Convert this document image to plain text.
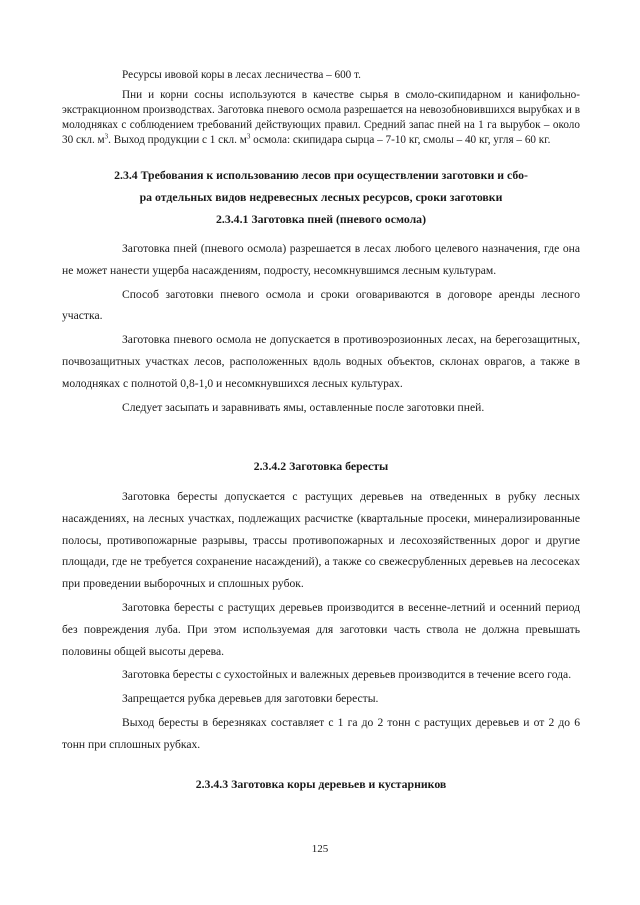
Ресурсы ивовой коры в лесах лесничества – 600 т.

Пни и корни сосны используются в качестве сырья в смоло-скипидарном и канифольно-экстракционном производствах. Заготовка пневого осмола разрешается на невозобновившихся вырубках и в молодняках с соблюдением требований действующих правил. Средний запас пней на 1 га вырубок – около 30 скл. $м^3$. Выход продукции с 1 скл. $м^3$ осмола: скипидара сырца – 7-10 кг, смолы – 40 кг, угля – 60 кг.

2.3.4 Требования к использованию лесов при осуществлении заготовки и сбо-
ра отдельных видов недревесных лесных ресурсов, сроки заготовки
2.3.4.1 Заготовка пней (пневого осмола)

Заготовка пней (пневого осмола) разрешается в лесах любого целевого назначения, где она не может нанести ущерба насаждениям, подросту, несомкнувшимся лесным культурам.

Способ заготовки пневого осмола и сроки оговариваются в договоре аренды лесного участка.

Заготовка пневого осмола не допускается в противоэрозионных лесах, на берегозащитных, почвозащитных участках лесов, расположенных вдоль водных объектов, склонах оврагов, а также в молодняках с полнотой 0,8-1,0 и несомкнувшихся лесных культурах.

Следует засыпать и заравнивать ямы, оставленные после заготовки пней.

2.3.4.2 Заготовка бересты

Заготовка бересты допускается с растущих деревьев на отведенных в рубку лесных насаждениях, на лесных участках, подлежащих расчистке (квартальные просеки, минерализированные полосы, противопожарные разрывы, трассы противопожарных и лесохозяйственных дорог и другие площади, где не требуется сохранение насаждений), а также со свежесрубленных деревьев на лесосеках при проведении выборочных и сплошных рубок.

Заготовка бересты с растущих деревьев производится в весенне-летний и осенний период без повреждения луба. При этом используемая для заготовки часть ствола не должна превышать половины общей высоты дерева.

Заготовка бересты с сухостойных и валежных деревьев производится в течение всего года.

Запрещается рубка деревьев для заготовки бересты.

Выход бересты в березняках составляет с 1 га до 2 тонн с растущих деревьев и от 2 до 6 тонн при сплошных рубках.

2.3.4.3 Заготовка коры деревьев и кустарников
125
